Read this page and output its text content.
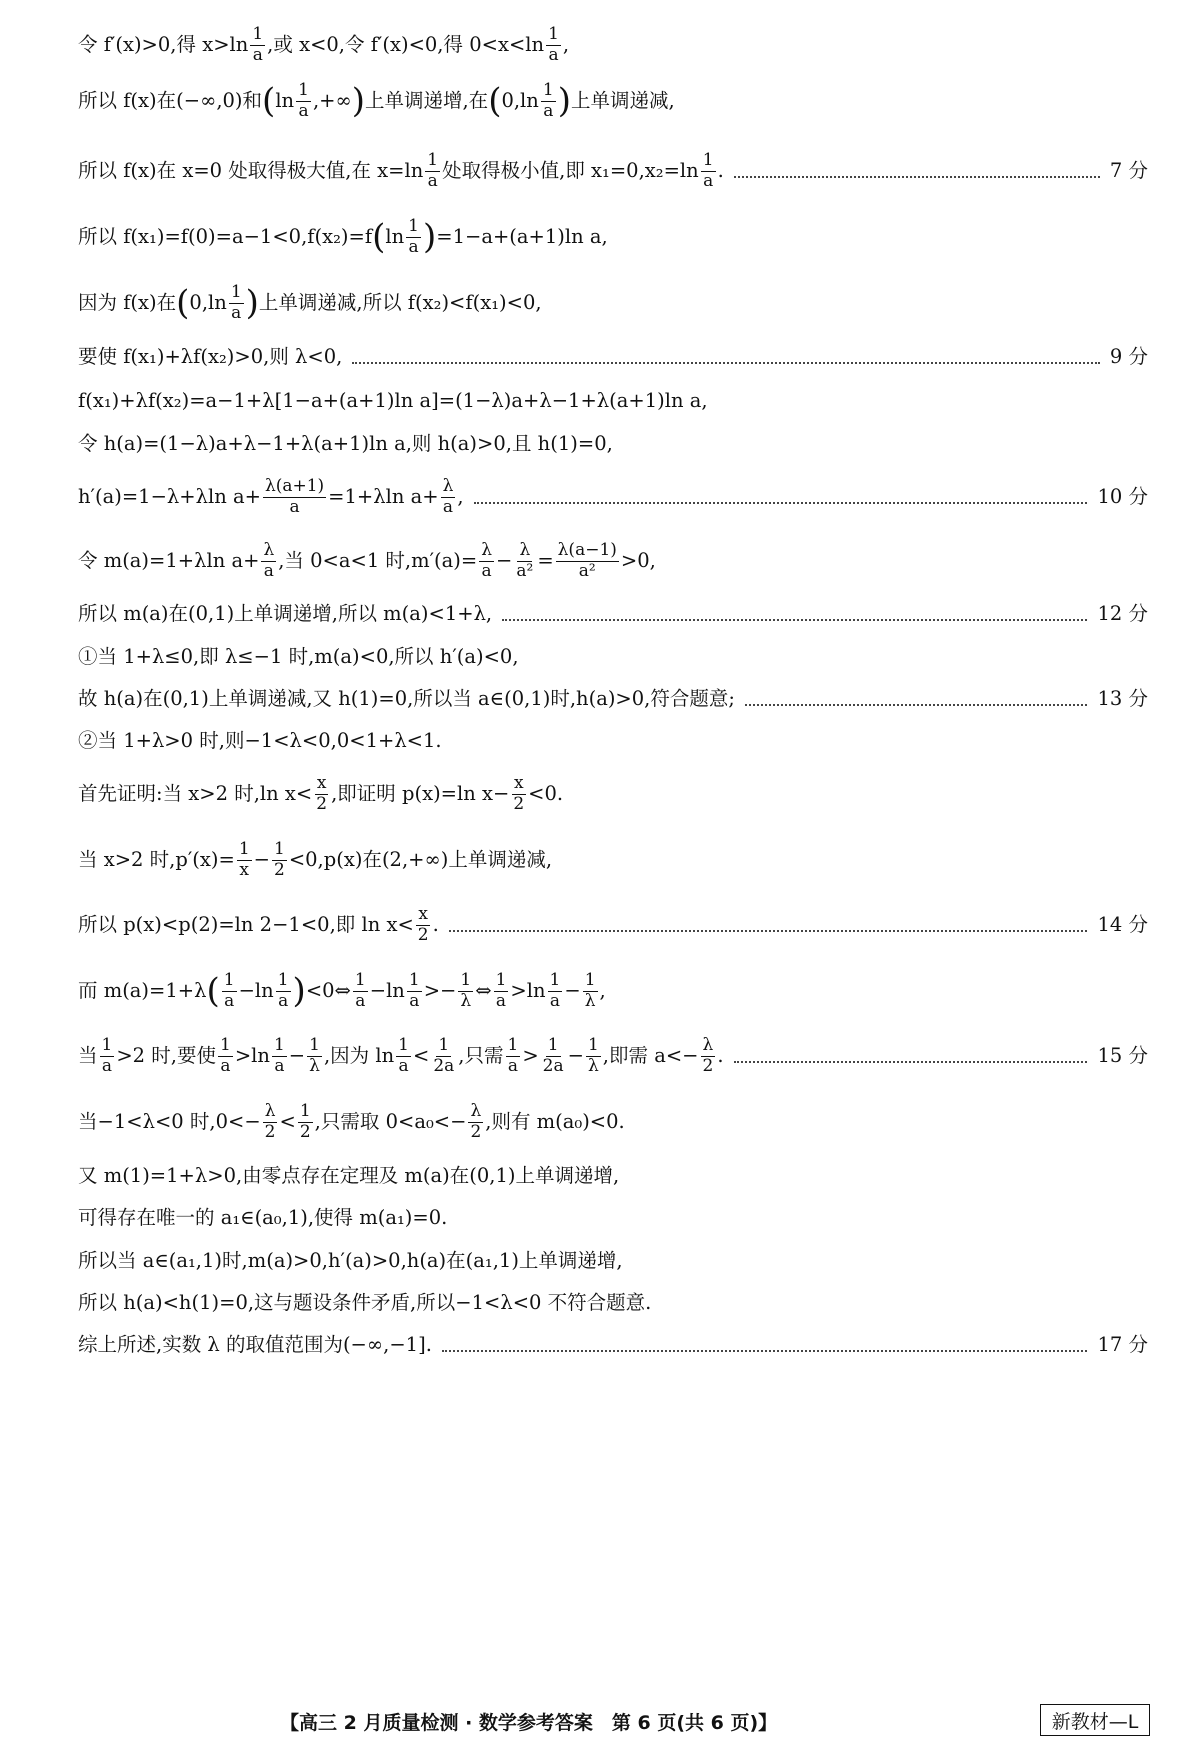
令 f′(x)>0,得 $x>\ln \frac{1}{a}$ ,或 x<0,令 f′(x)<0,得 $0<x<\ln \frac{1}{a}$ ,
所以 f(x)在(−∞,0)和 ( $\ln \frac{1}{a}$ ,+∞ ) 上单调递增,在 ( $0,\ln \frac{1}{a}$ ) 上单调递减,
所以 f(x)在 x=0 处取得极大值,在 $x=\ln \frac{1}{a}$ 处取得极小值,即 $x_1=0,x_2=\ln \frac{1}{a}$ .	7 分
所以 f(x₁)=f(0)=a−1<0,f(x₂)=f ( $\ln \frac{1}{a}$ ) =1−a+(a+1)ln a,
因为 f(x)在 ( $0,\ln \frac{1}{a}$ ) 上单调递减,所以 f(x₂)<f(x₁)<0,
要使 f(x₁)+λf(x₂)>0,则 λ<0,	9 分
f(x₁)+λf(x₂)=a−1+λ[1−a+(a+1)ln a]=(1−λ)a+λ−1+λ(a+1)ln a,
令 h(a)=(1−λ)a+λ−1+λ(a+1)ln a,则 h(a)>0,且 h(1)=0,
h′(a)=1−λ+λln $a+ \frac{\lambda(a+1)}{a} =1+\lambda\ln$ $a+ \frac{\lambda}{a}$ ,	10 分
令 m(a)=1+λln $a+ \frac{\lambda}{a}$ ,当 0<a<1 时$,m'(a)= \frac{\lambda}{a} - \frac{\lambda}{\text{a²}} = \frac{\lambda(a-1)}{\text{a²}} >0$,
所以 m(a)在(0,1)上单调递增,所以 m(a)<1+λ,	12 分
①当 1+λ≤0,即 λ≤−1 时,m(a)<0,所以 h′(a)<0,
故 h(a)在(0,1)上单调递减,又 h(1)=0,所以当 a∈(0,1)时,h(a)>0,符合题意;	13 分
②当 1+λ>0 时,则−1<λ<0,0<1+λ<1.
首先证明:当 x>2 时,ln $x< \frac{x}{2}$ ,即证明 p(x)=ln $x- \frac{x}{2} <0$.
当 x>2 时$,p'(x)= \frac{1}{x} - \frac{1}{2} <0,p(x)$在(2,+∞)上单调递减,
所以 p(x)<p(2)=ln 2−1<0,即 $\ln x< \frac{x}{2}$ .	14 分
而 m(a)=1+λ ( $\frac{1}{a} -\ln \frac{1}{a}$ ) <0⇔ $\frac{1}{a} -\ln \frac{1}{a} >- \frac{1}{\lambda}$ ⇔ $\frac{1}{a} >\ln \frac{1}{a} - \frac{1}{\lambda}$ ,
当 $\frac{1}{a} >2$ 时,要使 $\frac{1}{a} >\ln \frac{1}{a} - \frac{1}{\lambda}$ ,因为 $\ln \frac{1}{a} < \frac{1}{2a}$ ,只需 $\frac{1}{a} > \frac{1}{2a} - \frac{1}{\lambda}$ ,即需 $a<- \frac{\lambda}{2}$ .	15 分
当−1<λ<0 时$,0<- \frac{\lambda}{2} < \frac{1}{2}$ ,只需取 $0<a_0<- \frac{\lambda}{2}$ ,则有 m(a₀)<0.
又 m(1)=1+λ>0,由零点存在定理及 m(a)在(0,1)上单调递增,
可得存在唯一的 a₁∈(a₀,1),使得 m(a₁)=0.
所以当 a∈(a₁,1)时,m(a)>0,h′(a)>0,h(a)在(a₁,1)上单调递增,
所以 h(a)<h(1)=0,这与题设条件矛盾,所以−1<λ<0 不符合题意.
综上所述,实数 λ 的取值范围为(−∞,−1].	17 分
【高三 2 月质量检测 · 数学参考答案　第 6 页(共 6 页)】	新教材—L
